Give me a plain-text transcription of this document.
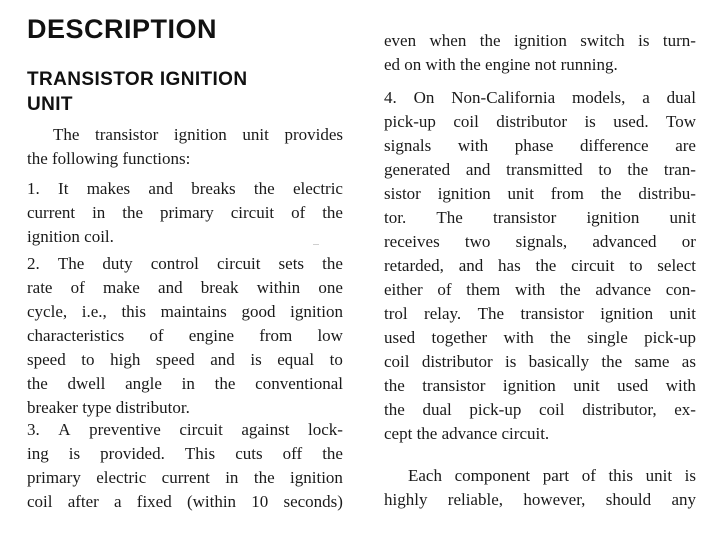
DESCRIPTION
TRANSISTOR IGNITION
UNIT
The transistor ignition unit provides
the following functions:
1. It makes and breaks the electric
current in the primary circuit of the
ignition coil.
2. The duty control circuit sets the
rate of make and break within one
cycle, i.e., this maintains good ignition
characteristics of engine from low
speed to high speed and is equal to
the dwell angle in the conventional
breaker type distributor.
3. A preventive circuit against lock-
ing is provided. This cuts off the
primary electric current in the ignition
coil after a fixed (within 10 seconds)
even when the ignition switch is turn-
ed on with the engine not running.
4. On Non-California models, a dual
pick-up coil distributor is used. Tow
signals with phase difference are
generated and transmitted to the tran-
sistor ignition unit from the distribu-
tor. The transistor ignition unit
receives two signals, advanced or
retarded, and has the circuit to select
either of them with the advance con-
trol relay. The transistor ignition unit
used together with the single pick-up
coil distributor is basically the same as
the transistor ignition unit used with
the dual pick-up coil distributor, ex-
cept the advance circuit.
Each component part of this unit is
highly reliable, however, should any
